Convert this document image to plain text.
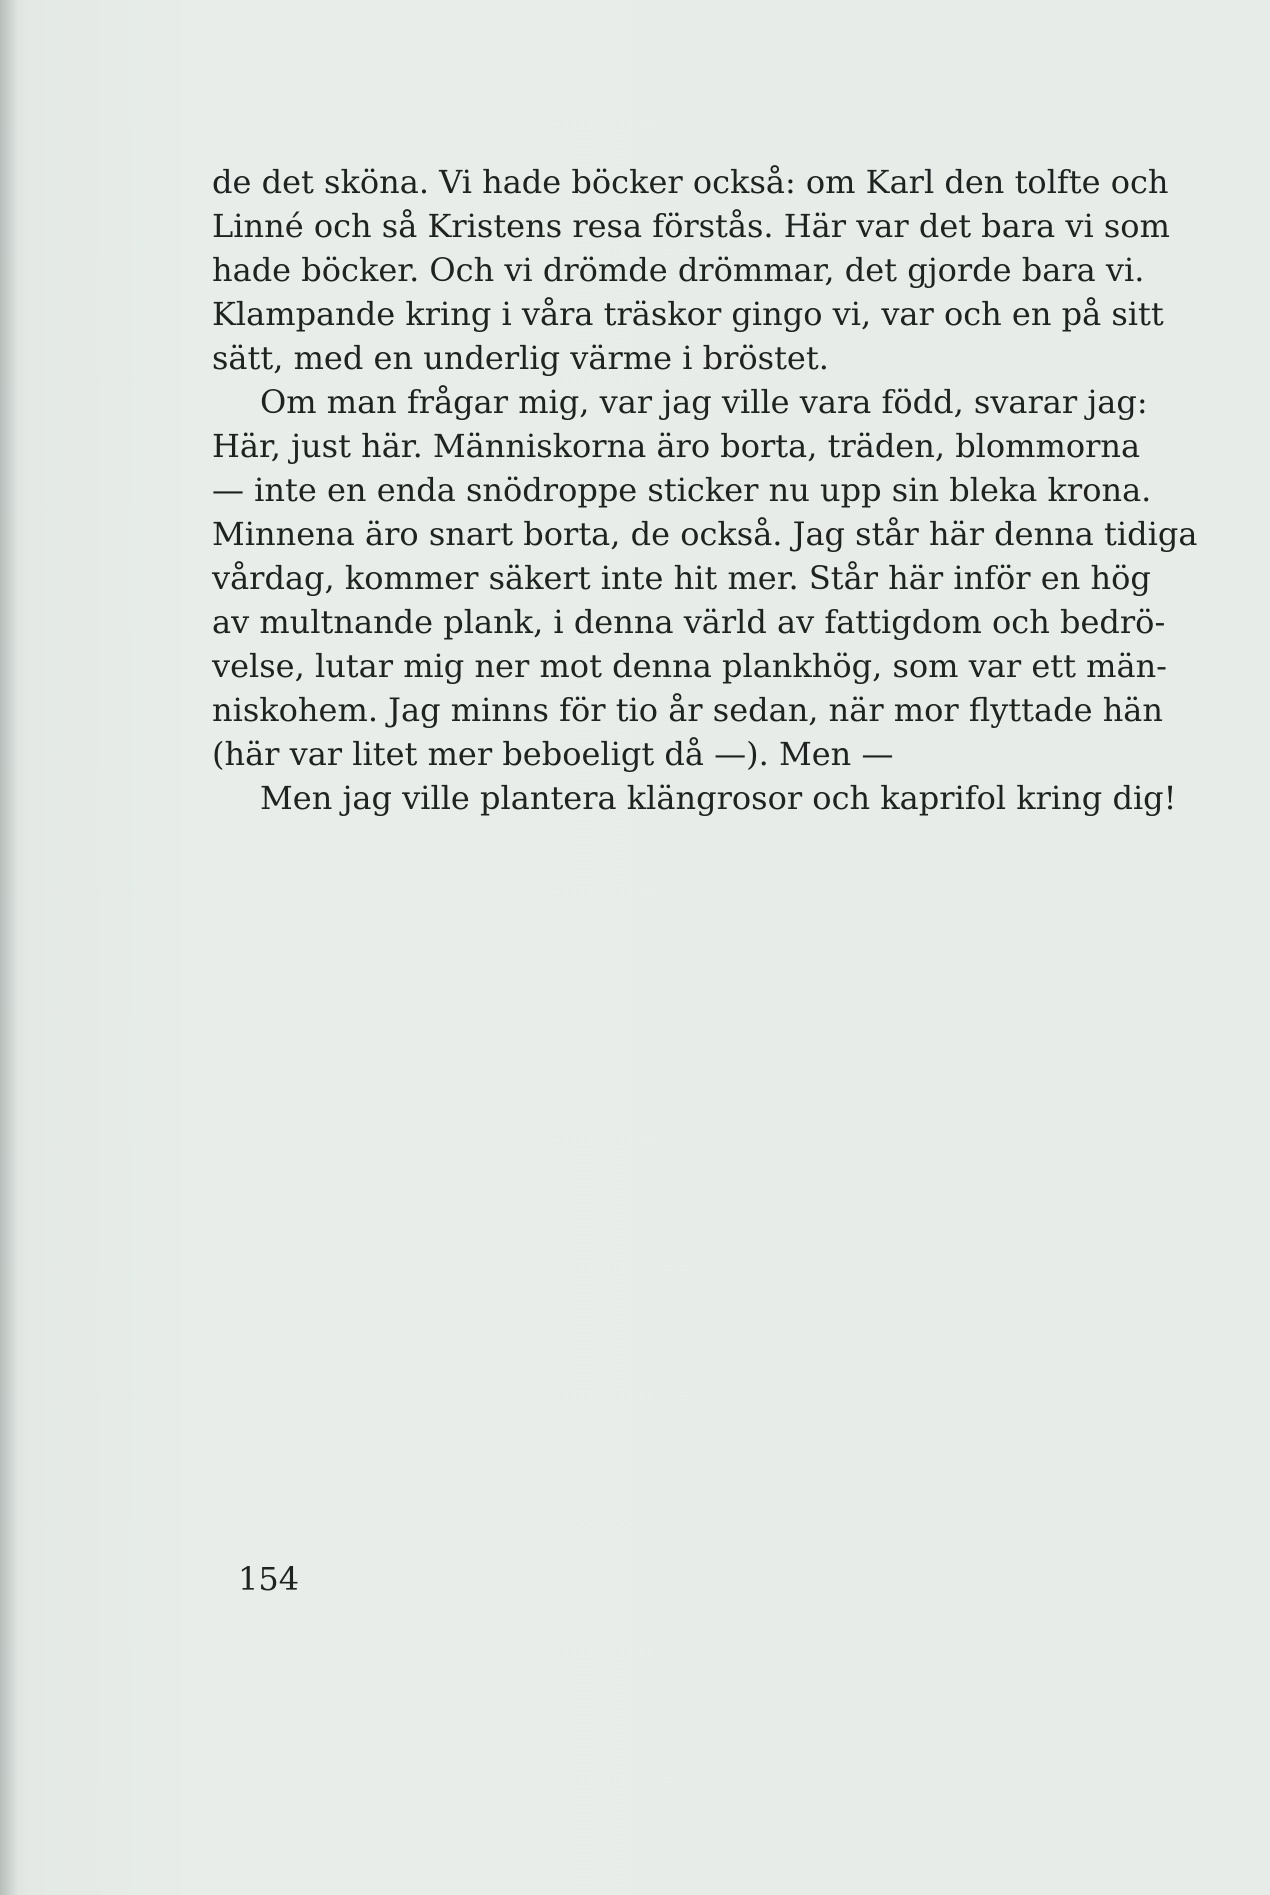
de det sköna. Vi hade böcker också: om Karl den tolfte och
Linné och så Kristens resa förstås. Här var det bara vi som
hade böcker. Och vi drömde drömmar, det gjorde bara vi.
Klampande kring i våra träskor gingo vi, var och en på sitt
sätt, med en underlig värme i bröstet.
Om man frågar mig, var jag ville vara född, svarar jag:
Här, just här. Människorna äro borta, träden, blommorna
— inte en enda snödroppe sticker nu upp sin bleka krona.
Minnena äro snart borta, de också. Jag står här denna tidiga
vårdag, kommer säkert inte hit mer. Står här inför en hög
av multnande plank, i denna värld av fattigdom och bedrö-
velse, lutar mig ner mot denna plankhög, som var ett män-
niskohem. Jag minns för tio år sedan, när mor flyttade hän
(här var litet mer beboeligt då —). Men —
Men jag ville plantera klängrosor och kaprifol kring dig!
154
